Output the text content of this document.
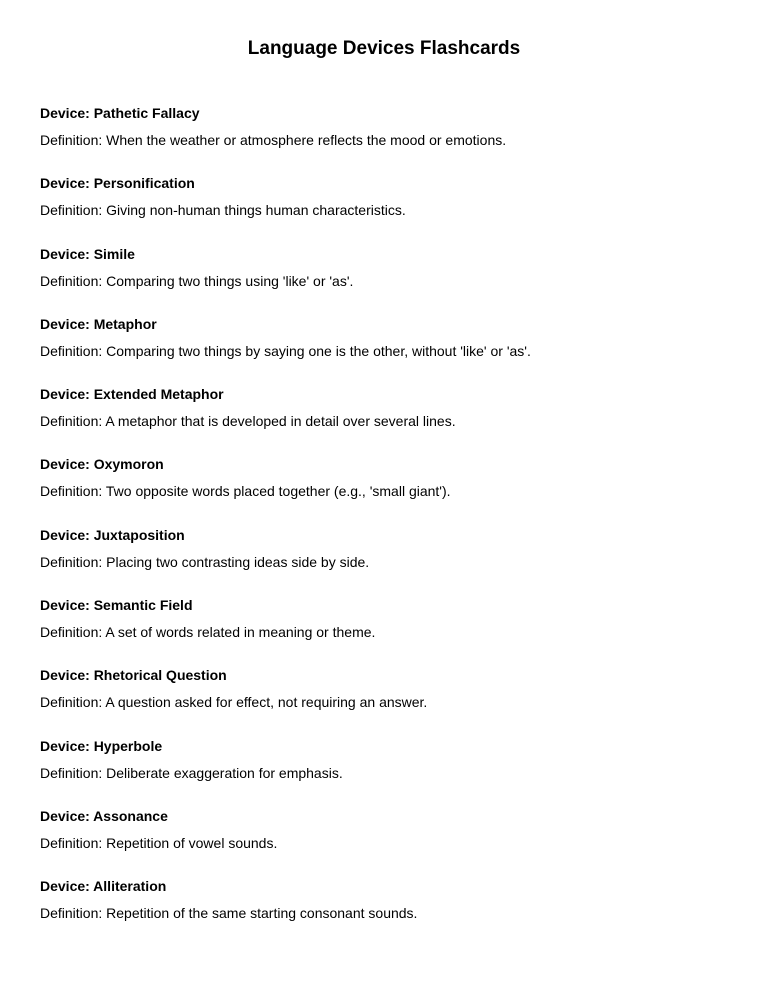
Language Devices Flashcards
Device: Pathetic Fallacy
Definition: When the weather or atmosphere reflects the mood or emotions.
Device: Personification
Definition: Giving non-human things human characteristics.
Device: Simile
Definition: Comparing two things using 'like' or 'as'.
Device: Metaphor
Definition: Comparing two things by saying one is the other, without 'like' or 'as'.
Device: Extended Metaphor
Definition: A metaphor that is developed in detail over several lines.
Device: Oxymoron
Definition: Two opposite words placed together (e.g., 'small giant').
Device: Juxtaposition
Definition: Placing two contrasting ideas side by side.
Device: Semantic Field
Definition: A set of words related in meaning or theme.
Device: Rhetorical Question
Definition: A question asked for effect, not requiring an answer.
Device: Hyperbole
Definition: Deliberate exaggeration for emphasis.
Device: Assonance
Definition: Repetition of vowel sounds.
Device: Alliteration
Definition: Repetition of the same starting consonant sounds.
